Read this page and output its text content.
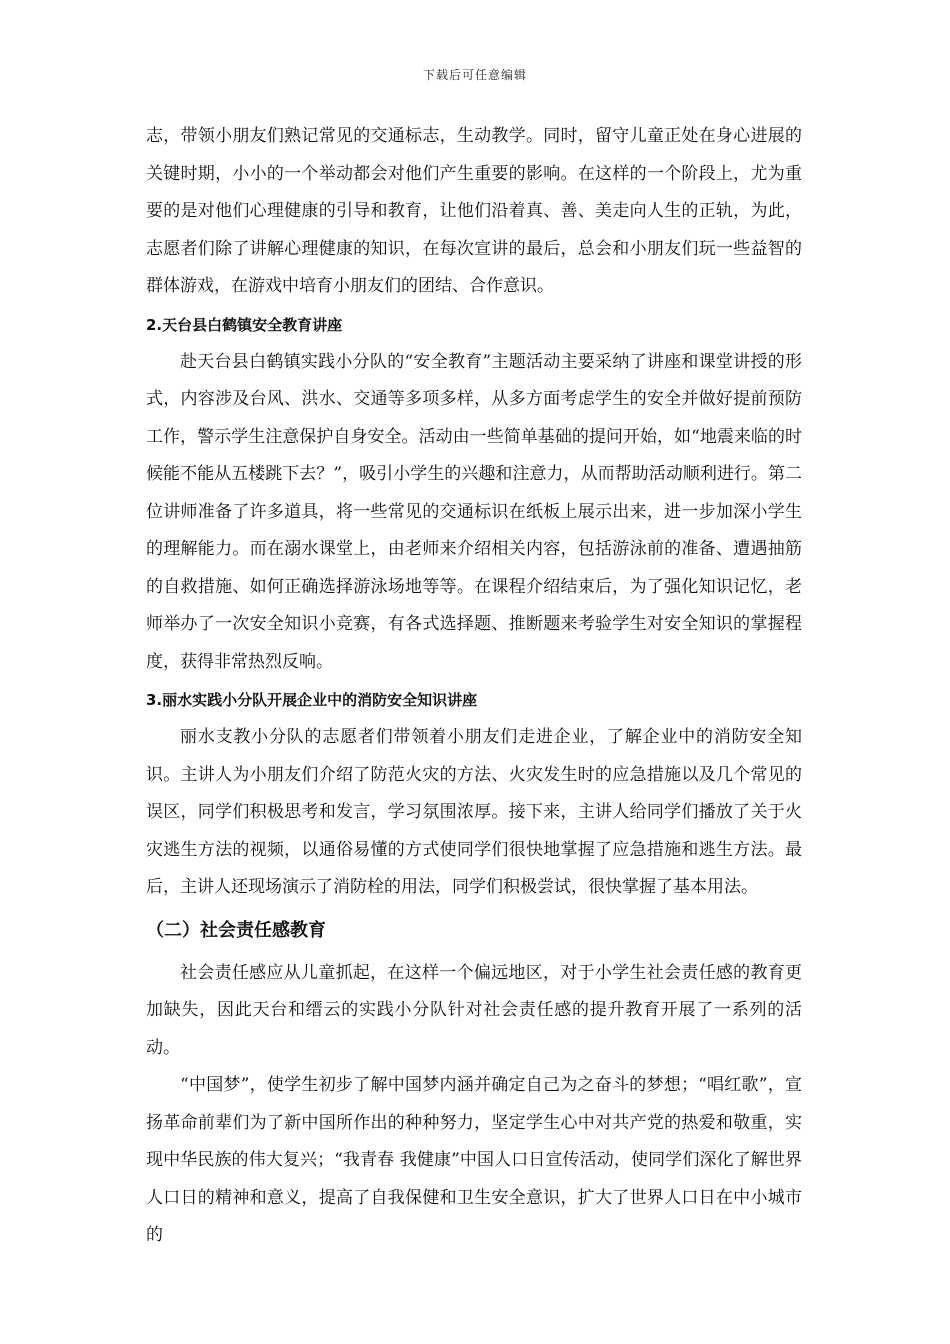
下载后可任意编辑

志，带领小朋友们熟记常见的交通标志，生动教学。同时，留守儿童正处在身心进展的关键时期，小小的一个举动都会对他们产生重要的影响。在这样的一个阶段上，尤为重要的是对他们心理健康的引导和教育，让他们沿着真、善、美走向人生的正轨，为此，志愿者们除了讲解心理健康的知识，在每次宣讲的最后，总会和小朋友们玩一些益智的群体游戏，在游戏中培育小朋友们的团结、合作意识。

2.天台县白鹤镇安全教育讲座

赴天台县白鹤镇实践小分队的“安全教育”主题活动主要采纳了讲座和课堂讲授的形式，内容涉及台风、洪水、交通等多项多样，从多方面考虑学生的安全并做好提前预防工作，警示学生注意保护自身安全。活动由一些简单基础的提问开始，如“地震来临的时候能不能从五楼跳下去？”，吸引小学生的兴趣和注意力，从而帮助活动顺利进行。第二位讲师准备了许多道具，将一些常见的交通标识在纸板上展示出来，进一步加深小学生的理解能力。而在溺水课堂上，由老师来介绍相关内容，包括游泳前的准备、遭遇抽筋的自救措施、如何正确选择游泳场地等等。在课程介绍结束后，为了强化知识记忆，老师举办了一次安全知识小竞赛，有各式选择题、推断题来考验学生对安全知识的掌握程度，获得非常热烈反响。

3.丽水实践小分队开展企业中的消防安全知识讲座

丽水支教小分队的志愿者们带领着小朋友们走进企业，了解企业中的消防安全知识。主讲人为小朋友们介绍了防范火灾的方法、火灾发生时的应急措施以及几个常见的误区，同学们积极思考和发言，学习氛围浓厚。接下来，主讲人给同学们播放了关于火灾逃生方法的视频，以通俗易懂的方式使同学们很快地掌握了应急措施和逃生方法。最后，主讲人还现场演示了消防栓的用法，同学们积极尝试，很快掌握了基本用法。

（二）社会责任感教育

社会责任感应从儿童抓起，在这样一个偏远地区，对于小学生社会责任感的教育更加缺失，因此天台和缙云的实践小分队针对社会责任感的提升教育开展了一系列的活动。

“中国梦”，使学生初步了解中国梦内涵并确定自己为之奋斗的梦想；“唱红歌”，宣扬革命前辈们为了新中国所作出的种种努力，坚定学生心中对共产党的热爱和敬重，实现中华民族的伟大复兴；“我青春 我健康”中国人口日宣传活动，使同学们深化了解世界人口日的精神和意义，提高了自我保健和卫生安全意识，扩大了世界人口日在中小城市的
